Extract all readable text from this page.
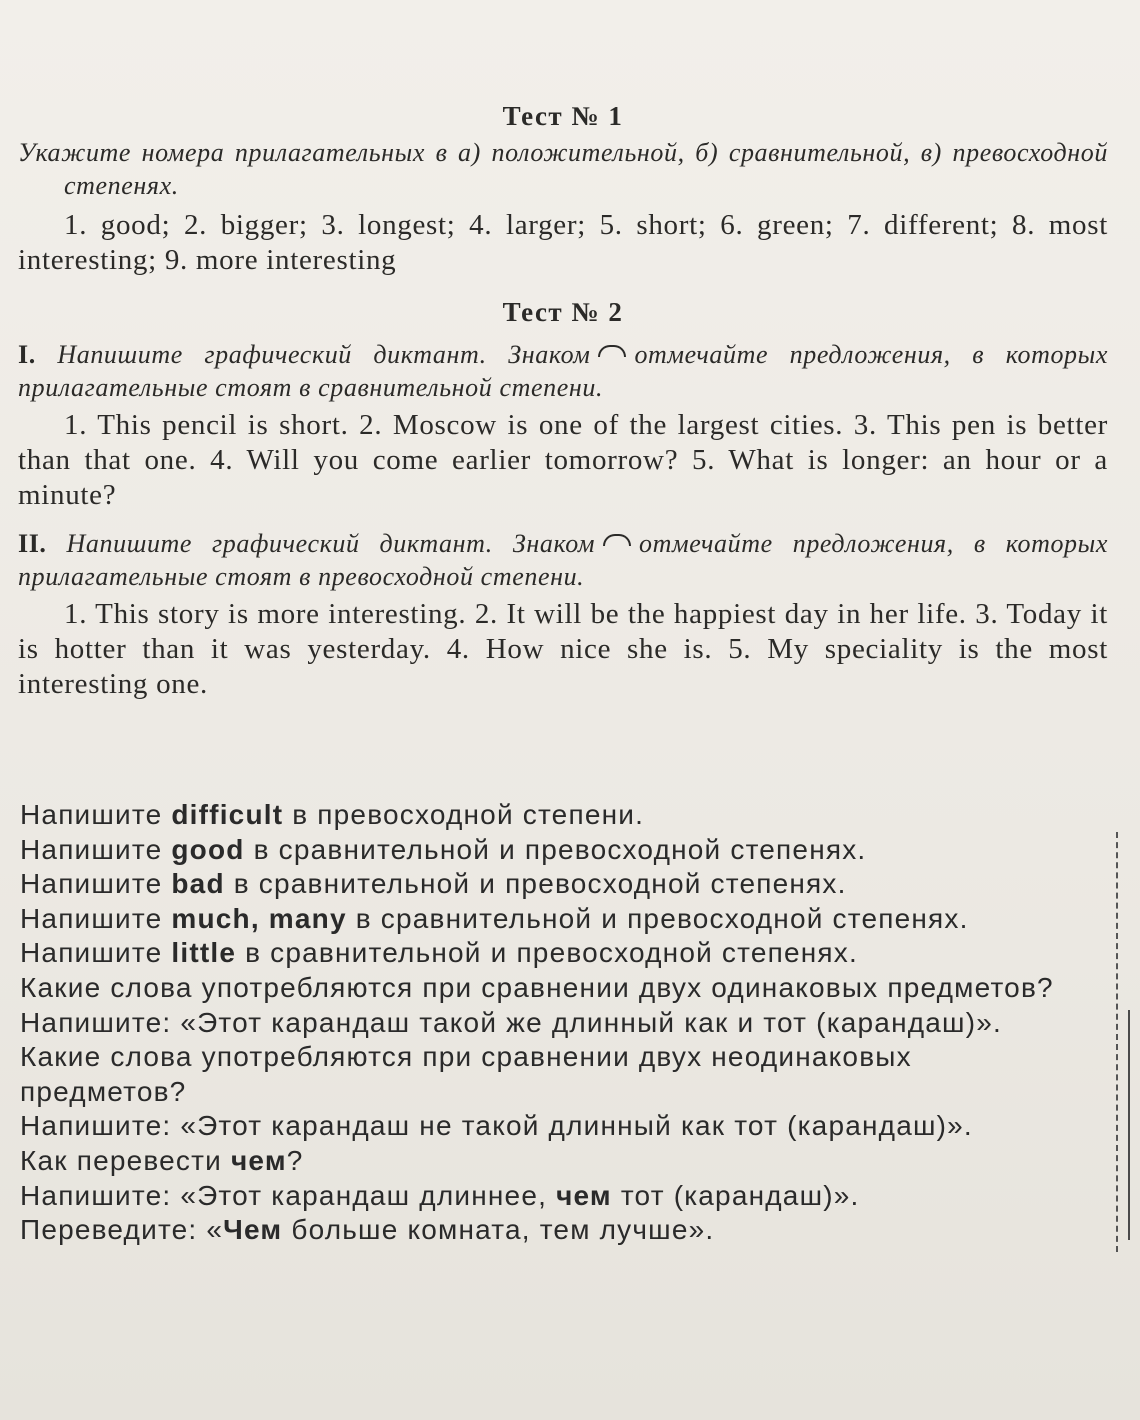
Тест № 1

Укажите номера прилагательных в а) положительной, б) сравнительной, в) превосходной степенях.

1. good; 2. bigger; 3. longest; 4. larger; 5. short; 6. green; 7. different; 8. most interesting; 9. more interesting

Тест № 2

I. Напишите графический диктант. Знаком отмечайте предложения, в которых прилагательные стоят в сравнительной степени.

1. This pencil is short. 2. Moscow is one of the largest cities. 3. This pen is better than that one. 4. Will you come earlier tomorrow? 5. What is longer: an hour or a minute?

II. Напишите графический диктант. Знаком отмечайте предложения, в которых прилагательные стоят в превосходной степени.

1. This story is more interesting. 2. It will be the happiest day in her life. 3. Today it is hotter than it was yesterday. 4. How nice she is. 5. My speciality is the most interesting one.

Напишите difficult в превосходной степени.

Напишите good в сравнительной и превосходной степенях.

Напишите bad в сравнительной и превосходной степенях.

Напишите much, many в сравнительной и превосходной степенях.

Напишите little в сравнительной и превосходной степенях.

Какие слова употребляются при сравнении двух одинаковых предметов?

Напишите: «Этот карандаш такой же длинный как и тот (карандаш)».

Какие слова употребляются при сравнении двух неодинаковых предметов?

Напишите: «Этот карандаш не такой длинный как тот (карандаш)».

Как перевести чем?

Напишите: «Этот карандаш длиннее, чем тот (карандаш)».

Переведите: «Чем больше комната, тем лучше».
